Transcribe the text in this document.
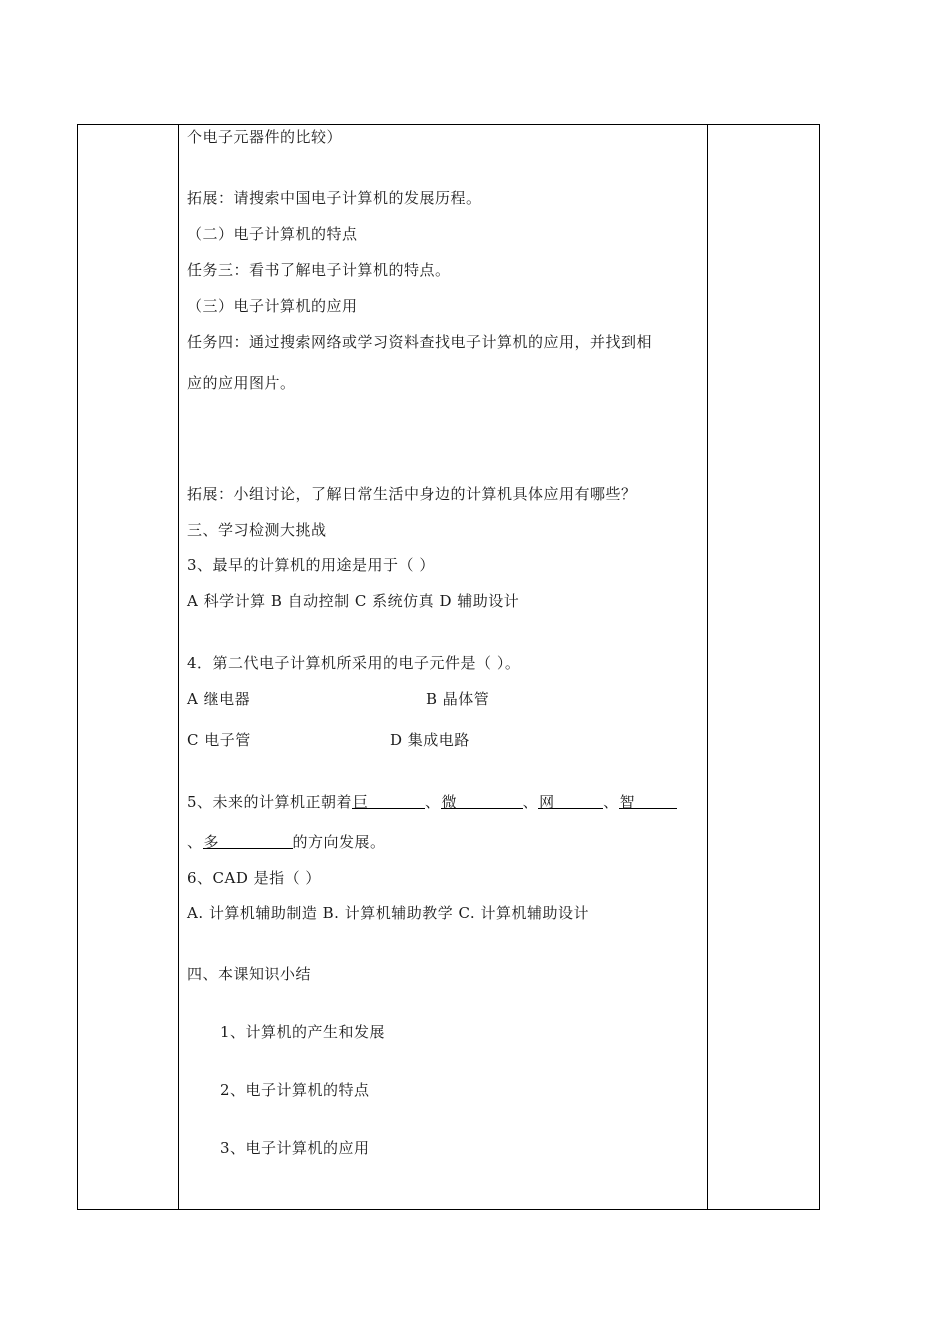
个电子元器件的比较）
拓展：请搜索中国电子计算机的发展历程。
（二）电子计算机的特点
任务三：看书了解电子计算机的特点。
（三）电子计算机的应用
任务四：通过搜索网络或学习资料查找电子计算机的应用，并找到相
应的应用图片。
拓展：小组讨论，了解日常生活中身边的计算机具体应用有哪些？
三、学习检测大挑战
3、最早的计算机的用途是用于（ ）
A 科学计算 B 自动控制 C 系统仿真 D 辅助设计
4．第二代电子计算机所采用的电子元件是（ ）。
A 继电器	B 晶体管
C 电子管	D 集成电路
5、未来的计算机正朝着巨	、微	、网	、智
、多	的方向发展。
6、CAD 是指（ ）
A. 计算机辅助制造 B. 计算机辅助教学 C. 计算机辅助设计
四、本课知识小结
1、计算机的产生和发展
2、电子计算机的特点
3、电子计算机的应用
